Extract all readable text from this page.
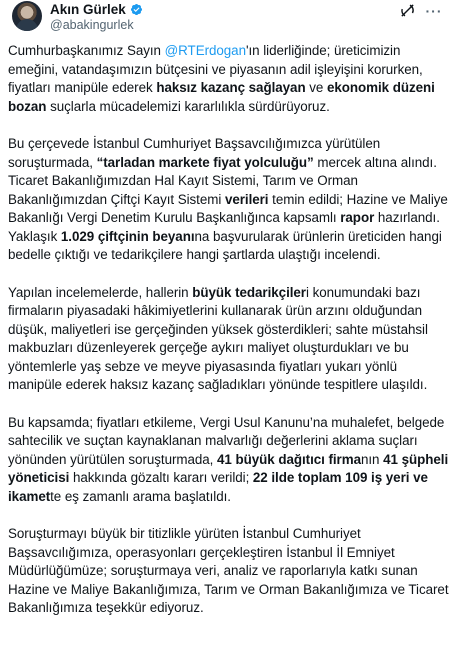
Akın Gürlek
@abakingurlek
···

Cumhurbaşkanımız Sayın @RTErdogan'ın liderliğinde; üreticimizin emeğini, vatandaşımızın bütçesini ve piyasanın adil işleyişini korurken, fiyatları manipüle ederek haksız kazanç sağlayan ve ekonomik düzeni bozan suçlarla mücadelemizi kararlılıkla sürdürüyoruz.

Bu çerçevede İstanbul Cumhuriyet Başsavcılığımızca yürütülen soruşturmada, “tarladan markete fiyat yolculuğu” mercek altına alındı. Ticaret Bakanlığımızdan Hal Kayıt Sistemi, Tarım ve Orman Bakanlığımızdan Çiftçi Kayıt Sistemi verileri temin edildi; Hazine ve Maliye Bakanlığı Vergi Denetim Kurulu Başkanlığınca kapsamlı rapor hazırlandı. Yaklaşık 1.029 çiftçinin beyanına başvurularak ürünlerin üreticiden hangi bedelle çıktığı ve tedarikçilere hangi şartlarda ulaştığı incelendi.

Yapılan incelemelerde, hallerin büyük tedarikçileri konumundaki bazı firmaların piyasadaki hâkimiyetlerini kullanarak ürün arzını olduğundan düşük, maliyetleri ise gerçeğinden yüksek gösterdikleri; sahte müstahsil makbuzları düzenleyerek gerçeğe aykırı maliyet oluşturdukları ve bu yöntemlerle yaş sebze ve meyve piyasasında fiyatları yukarı yönlü manipüle ederek haksız kazanç sağladıkları yönünde tespitlere ulaşıldı.

Bu kapsamda; fiyatları etkileme, Vergi Usul Kanunu’na muhalefet, belgede sahtecilik ve suçtan kaynaklanan malvarlığı değerlerini aklama suçları yönünden yürütülen soruşturmada, 41 büyük dağıtıcı firmanın 41 şüpheli yöneticisi hakkında gözaltı kararı verildi; 22 ilde toplam 109 iş yeri ve ikamette eş zamanlı arama başlatıldı.

Soruşturmayı büyük bir titizlikle yürüten İstanbul Cumhuriyet Başsavcılığımıza, operasyonları gerçekleştiren İstanbul İl Emniyet Müdürlüğümüze; soruşturmaya veri, analiz ve raporlarıyla katkı sunan Hazine ve Maliye Bakanlığımıza, Tarım ve Orman Bakanlığımıza ve Ticaret Bakanlığımıza teşekkür ediyoruz.
